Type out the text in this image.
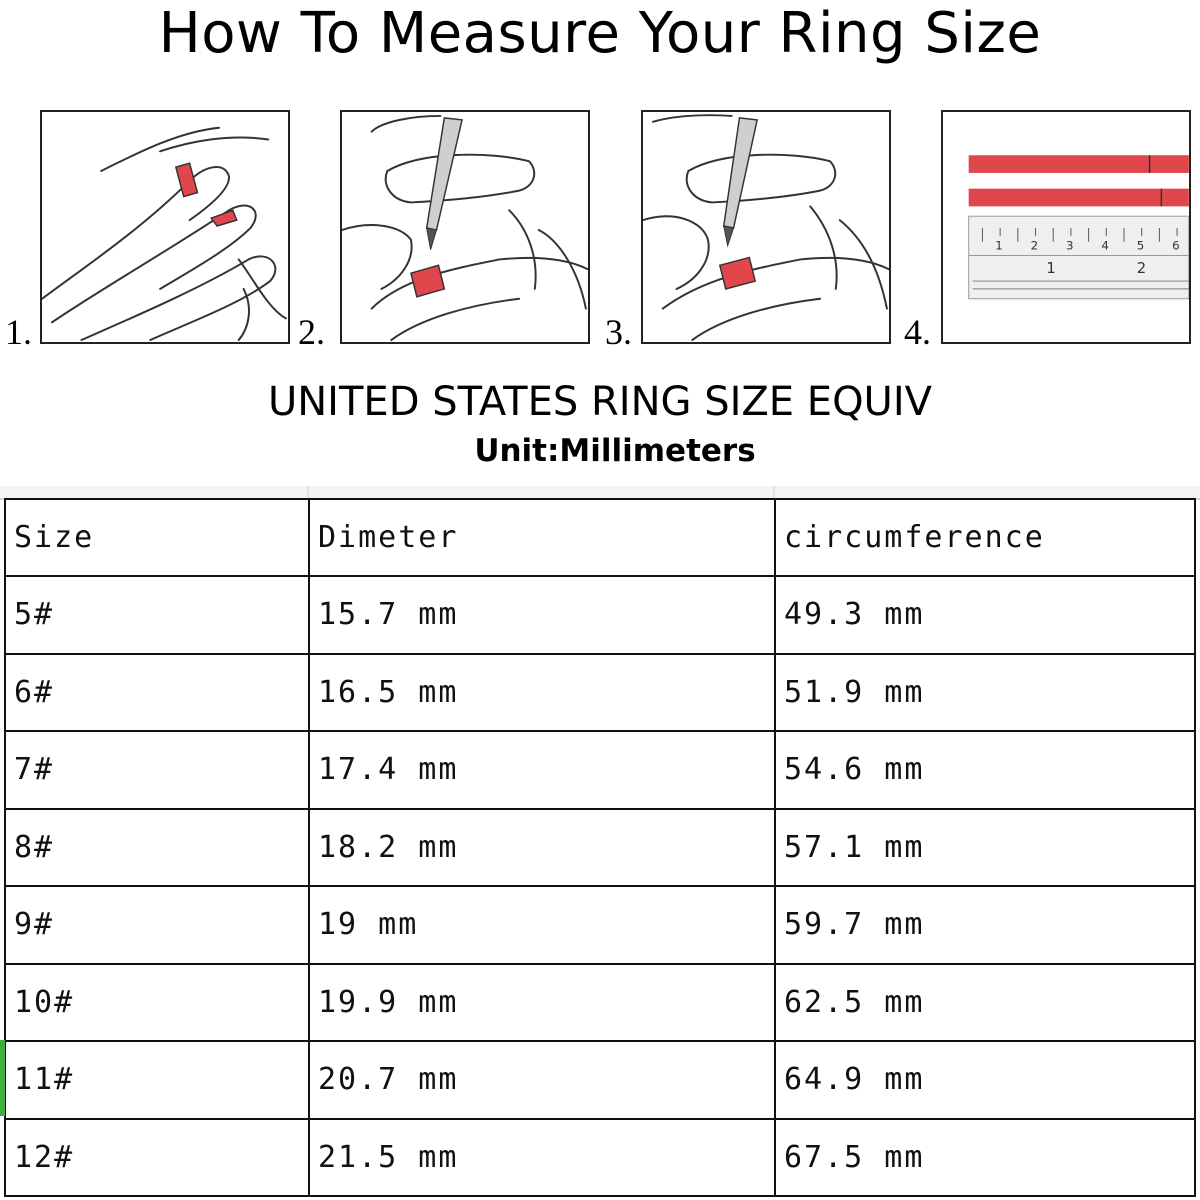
How To Measure Your Ring Size
1.	2.	3.	4.
1 2 3 4 5 6
1	2
UNITED STATES RING SIZE EQUIV
Unit:Millimeters
Size	Dimeter	circumference
5#	15.7 mm	49.3 mm
6#	16.5 mm	51.9 mm
7#	17.4 mm	54.6 mm
8#	18.2 mm	57.1 mm
9#	19 mm	59.7 mm
10#	19.9 mm	62.5 mm
11#	20.7 mm	64.9 mm
12#	21.5 mm	67.5 mm
